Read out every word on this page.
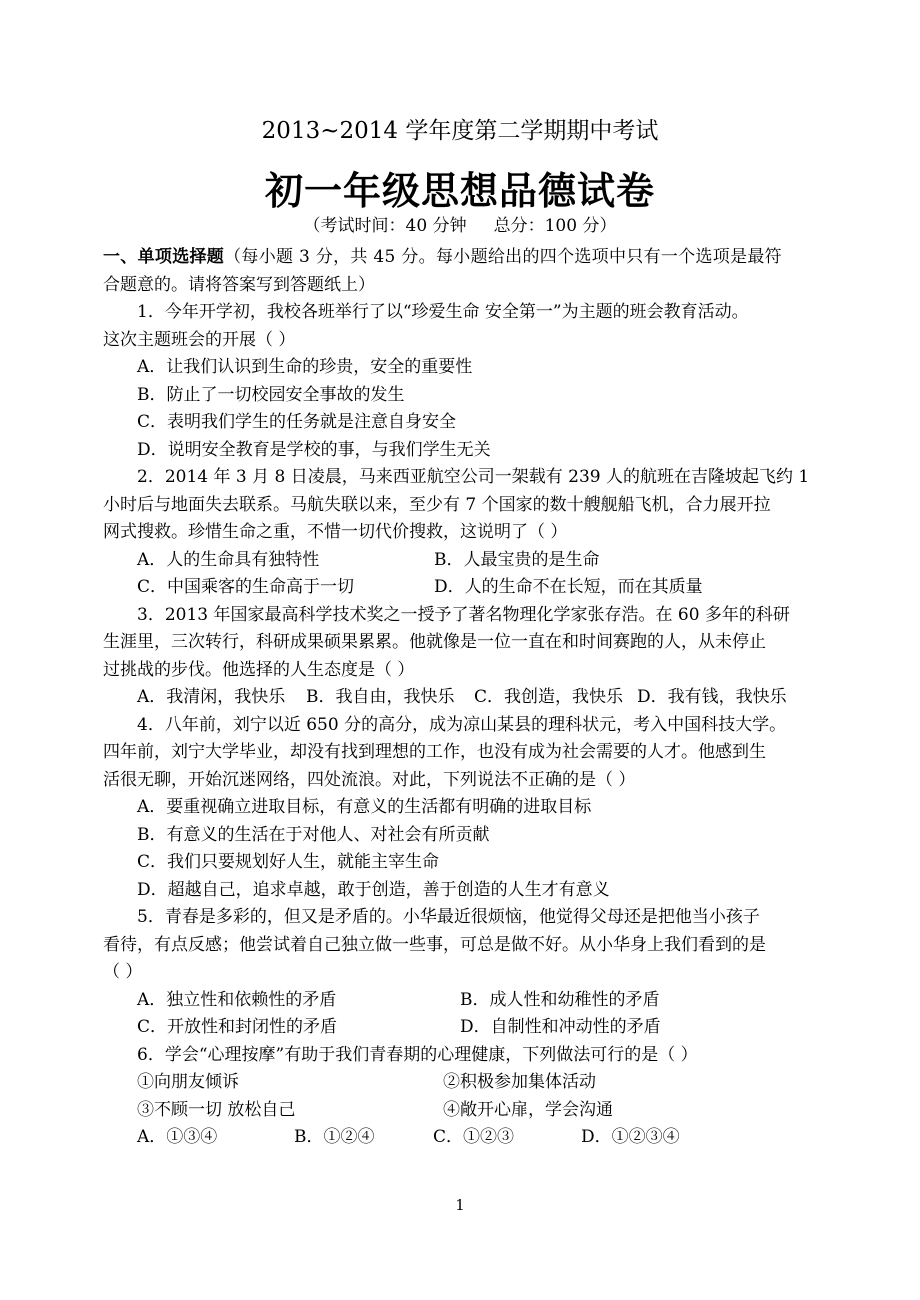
2013~2014 学年度第二学期期中考试
初一年级思想品德试卷
（考试时间：40 分钟     总分：100 分）
一、单项选择题（每小题 3 分，共 45 分。每小题给出的四个选项中只有一个选项是最符
合题意的。请将答案写到答题纸上）
1．今年开学初，我校各班举行了以“珍爱生命 安全第一”为主题的班会教育活动。
这次主题班会的开展（ ）
A．让我们认识到生命的珍贵，安全的重要性
B．防止了一切校园安全事故的发生
C．表明我们学生的任务就是注意自身安全
D．说明安全教育是学校的事，与我们学生无关
2．2014 年 3 月 8 日凌晨，马来西亚航空公司一架载有 239 人的航班在吉隆坡起飞约 1
小时后与地面失去联系。马航失联以来，至少有 7 个国家的数十艘舰船飞机，合力展开拉
网式搜救。珍惜生命之重，不惜一切代价搜救，这说明了（ ）
A．人的生命具有独特性	B．人最宝贵的是生命
C．中国乘客的生命高于一切	D．人的生命不在长短，而在其质量
3．2013 年国家最高科学技术奖之一授予了著名物理化学家张存浩。在 60 多年的科研
生涯里，三次转行，科研成果硕果累累。他就像是一位一直在和时间赛跑的人，从未停止
过挑战的步伐。他选择的人生态度是（ ）
A．我清闲，我快乐	B．我自由，我快乐	C．我创造，我快乐 D．我有钱，我快乐
4．八年前，刘宁以近 650 分的高分，成为凉山某县的理科状元，考入中国科技大学。
四年前，刘宁大学毕业，却没有找到理想的工作，也没有成为社会需要的人才。他感到生
活很无聊，开始沉迷网络，四处流浪。对此，下列说法不正确的是（ ）
A．要重视确立进取目标，有意义的生活都有明确的进取目标
B．有意义的生活在于对他人、对社会有所贡献
C．我们只要规划好人生，就能主宰生命
D．超越自己，追求卓越，敢于创造，善于创造的人生才有意义
5．青春是多彩的，但又是矛盾的。小华最近很烦恼，他觉得父母还是把他当小孩子
看待，有点反感；他尝试着自己独立做一些事，可总是做不好。从小华身上我们看到的是
（ ）
A．独立性和依赖性的矛盾	B．成人性和幼稚性的矛盾
C．开放性和封闭性的矛盾	D．自制性和冲动性的矛盾
6．学会“心理按摩”有助于我们青春期的心理健康，下列做法可行的是（ ）
①向朋友倾诉	②积极参加集体活动
③不顾一切 放松自己	④敞开心扉，学会沟通
A．①③④	B．①②④	C．①②③	D．①②③④
1
